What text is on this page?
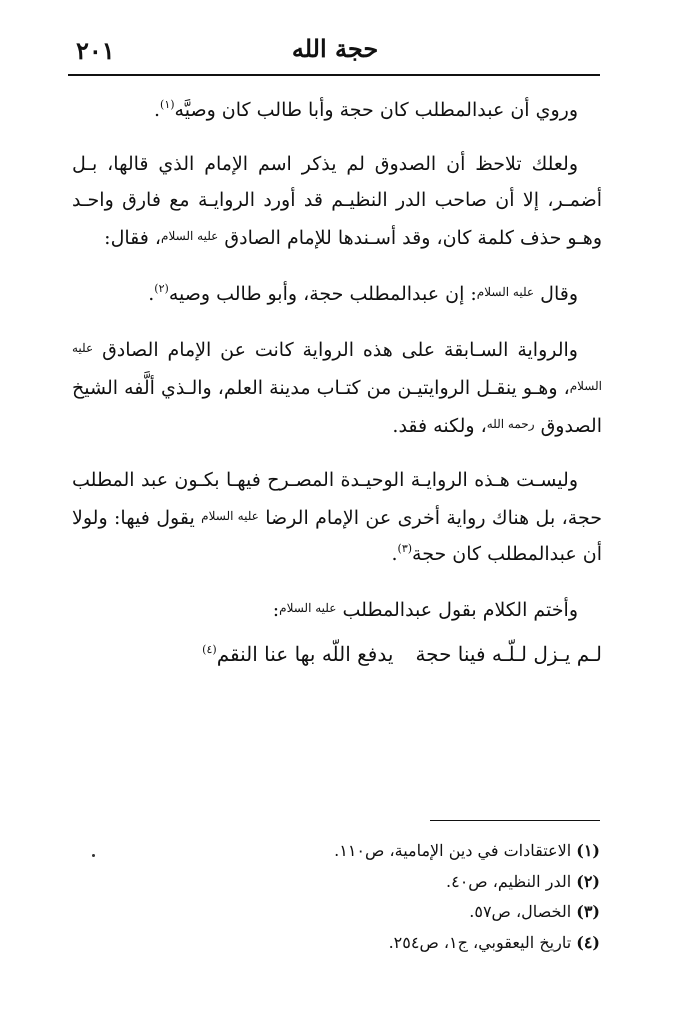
٢٠١	حجة الله

وروي أن عبدالمطلب كان حجة وأبا طالب كان وصيَّه$^{(١)}$.

ولعلك تلاحظ أن الصدوق لم يذكر اسم الإمام الذي قالها، بـل أضمـر، إلا أن صاحب الدر النظيـم قد أورد الروايـة مع فارق واحـد وهـو حذف كلمة كان، وقد أسـندها للإمام الصادق $^{عليه السلام}$، فقال:

وقال $^{عليه السلام}$: إن عبدالمطلب حجة، وأبو طالب وصيه$^{(٢)}$.

والرواية السـابقة على هذه الرواية كانت عن الإمام الصادق $^{عليه السلام}$، وهـو ينقـل الروايتيـن من كتـاب مدينة العلم، والـذي ألَّفه الشيخ الصدوق $^{رحمه الله}$، ولكنه فقد.

وليسـت هـذه الروايـة الوحيـدة المصـرح فيهـا بكـون عبد المطلب حجة، بل هناك رواية أخرى عن الإمام الرضا $^{عليه السلام}$ يقول فيها: ولولا أن عبدالمطلب كان حجة$^{(٣)}$.

وأختم الكلام بقول عبدالمطلب $^{عليه السلام}$:

لـم يـزل لـلّـه فينا حجةيدفع اللّه بها عنا النقم$^{(٤)}$

(١) الاعتقادات في دين الإمامية، ص١١٠.

(٢) الدر النظيم، ص٤٠.

(٣) الخصال، ص٥٧.

(٤) تاريخ اليعقوبي، ج١، ص٢٥٤.
